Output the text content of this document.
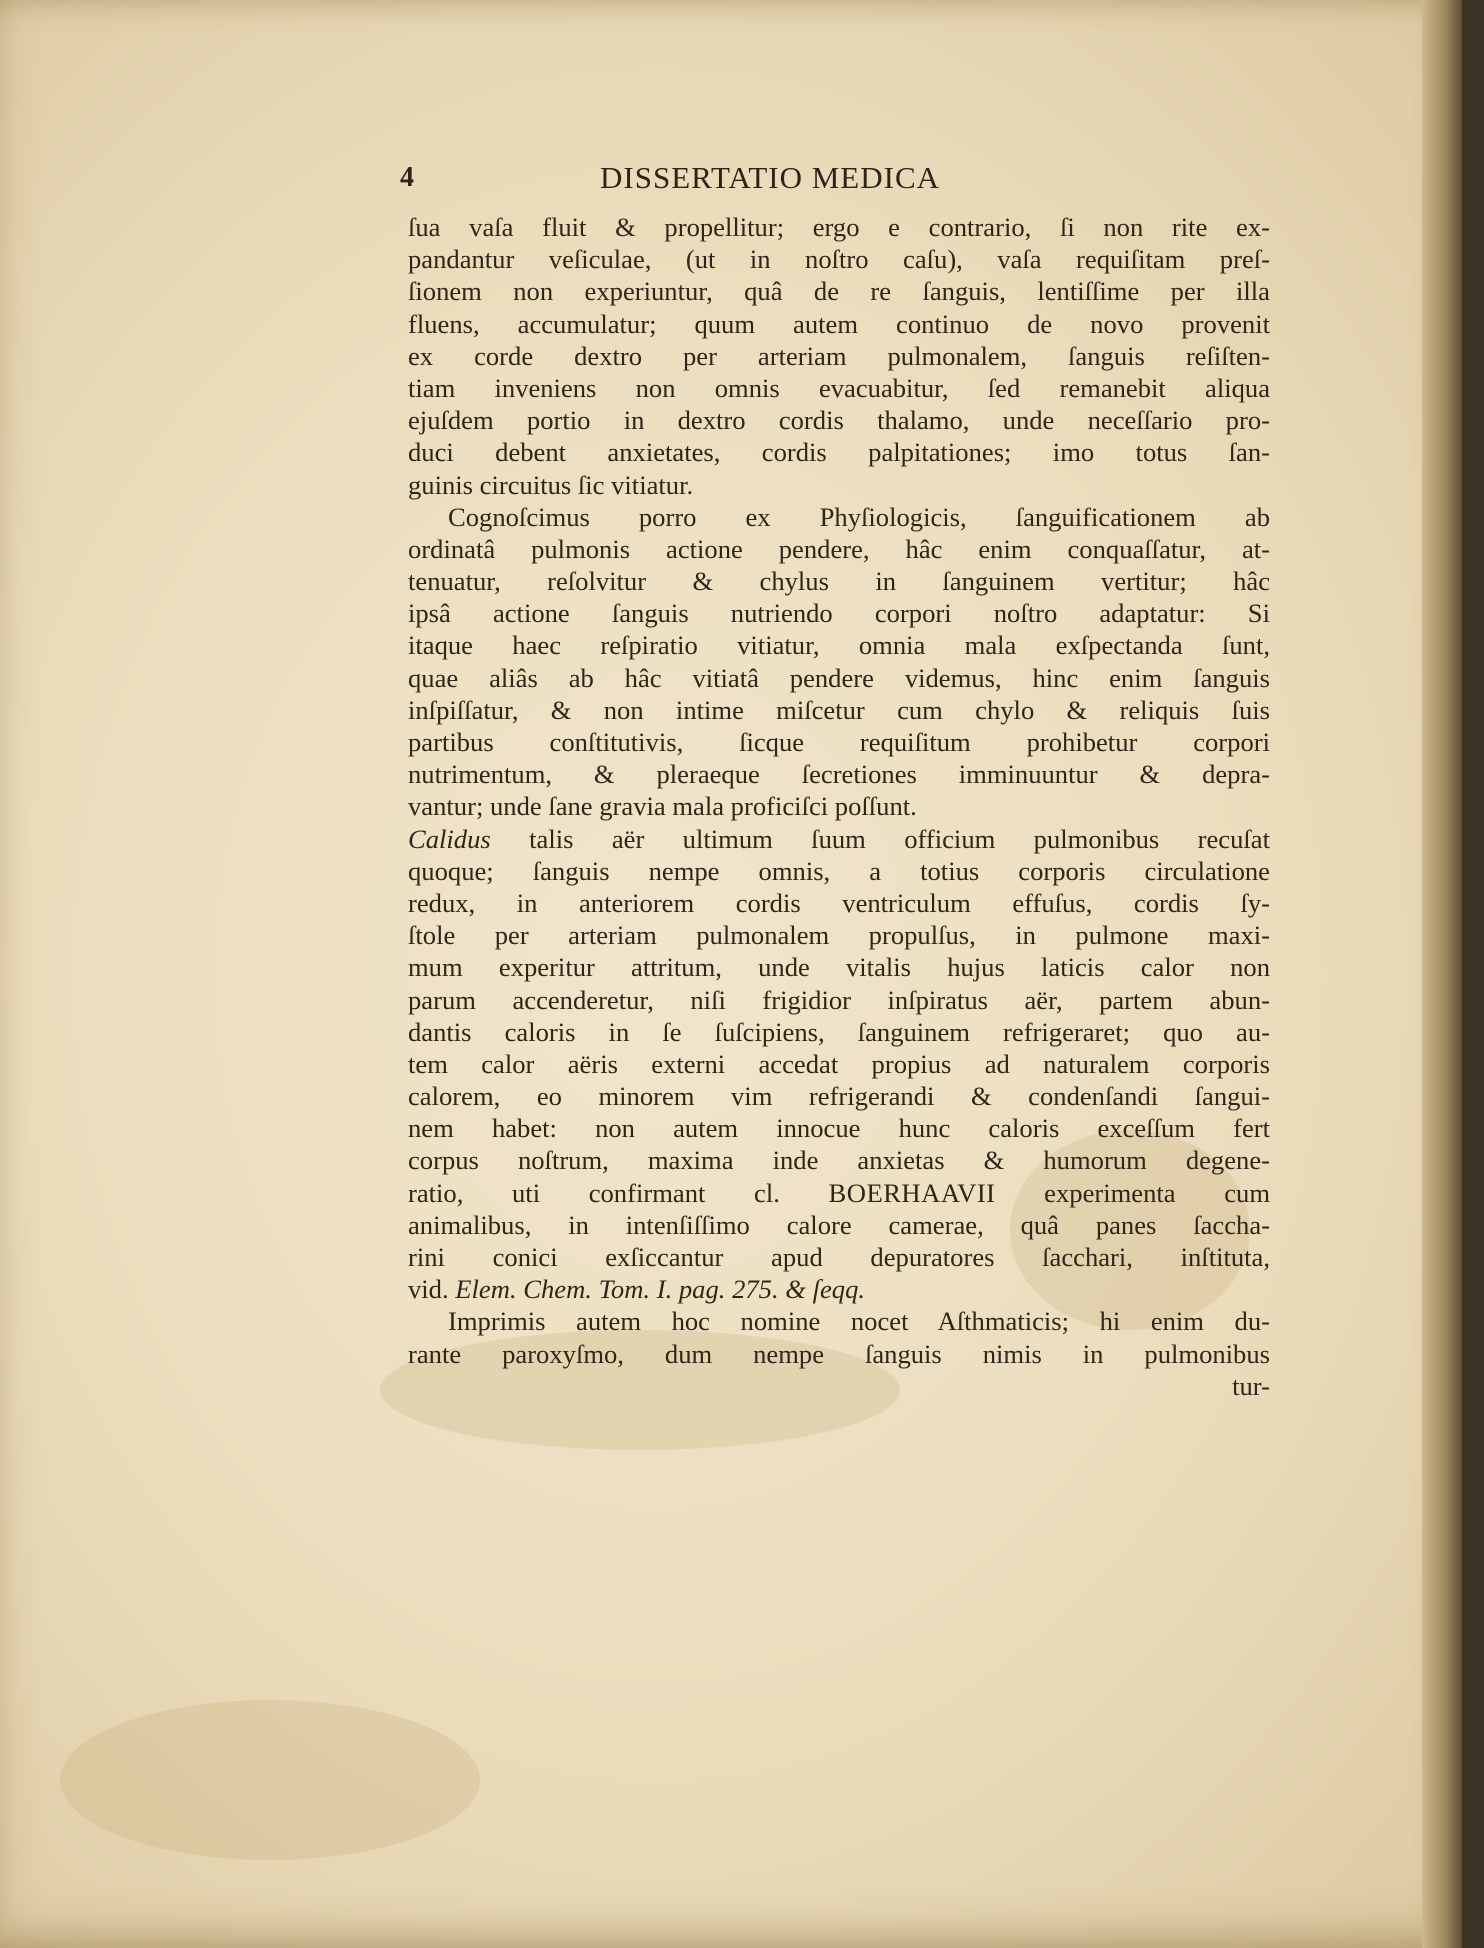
4	DISSERTATIO MEDICA
ſua vaſa fluit & propellitur; ergo e contrario, ſi non rite ex-
pandantur veſiculae, (ut in noſtro caſu), vaſa requiſitam preſ-
ſionem non experiuntur, quâ de re ſanguis, lentiſſime per illa
fluens, accumulatur; quum autem continuo de novo provenit
ex corde dextro per arteriam pulmonalem, ſanguis reſiſten-
tiam inveniens non omnis evacuabitur, ſed remanebit aliqua
ejuſdem portio in dextro cordis thalamo, unde neceſſario pro-
duci debent anxietates, cordis palpitationes; imo totus ſan-
guinis circuitus ſic vitiatur.
Cognoſcimus porro ex Phyſiologicis, ſanguificationem ab
ordinatâ pulmonis actione pendere, hâc enim conquaſſatur, at-
tenuatur, reſolvitur & chylus in ſanguinem vertitur; hâc
ipsâ actione ſanguis nutriendo corpori noſtro adaptatur: Si
itaque haec reſpiratio vitiatur, omnia mala exſpectanda ſunt,
quae aliâs ab hâc vitiatâ pendere videmus, hinc enim ſanguis
inſpiſſatur, & non intime miſcetur cum chylo & reliquis ſuis
partibus conſtitutivis, ſicque requiſitum prohibetur corpori
nutrimentum, & pleraeque ſecretiones imminuuntur & depra-
vantur; unde ſane gravia mala proficiſci poſſunt.
Calidus talis aër ultimum ſuum officium pulmonibus recuſat
quoque; ſanguis nempe omnis, a totius corporis circulatione
redux, in anteriorem cordis ventriculum effuſus, cordis ſy-
ſtole per arteriam pulmonalem propulſus, in pulmone maxi-
mum experitur attritum, unde vitalis hujus laticis calor non
parum accenderetur, niſi frigidior inſpiratus aër, partem abun-
dantis caloris in ſe ſuſcipiens, ſanguinem refrigeraret; quo au-
tem calor aëris externi accedat propius ad naturalem corporis
calorem, eo minorem vim refrigerandi & condenſandi ſangui-
nem habet: non autem innocue hunc caloris exceſſum fert
corpus noſtrum, maxima inde anxietas & humorum degene-
ratio, uti confirmant cl. BOERHAAVII experimenta cum
animalibus, in intenſiſſimo calore camerae, quâ panes ſaccha-
rini conici exſiccantur apud depuratores ſacchari, inſtituta,
vid. Elem. Chem. Tom. I. pag. 275. & ſeqq.
Imprimis autem hoc nomine nocet Aſthmaticis; hi enim du-
rante paroxyſmo, dum nempe ſanguis nimis in pulmonibus
tur-
